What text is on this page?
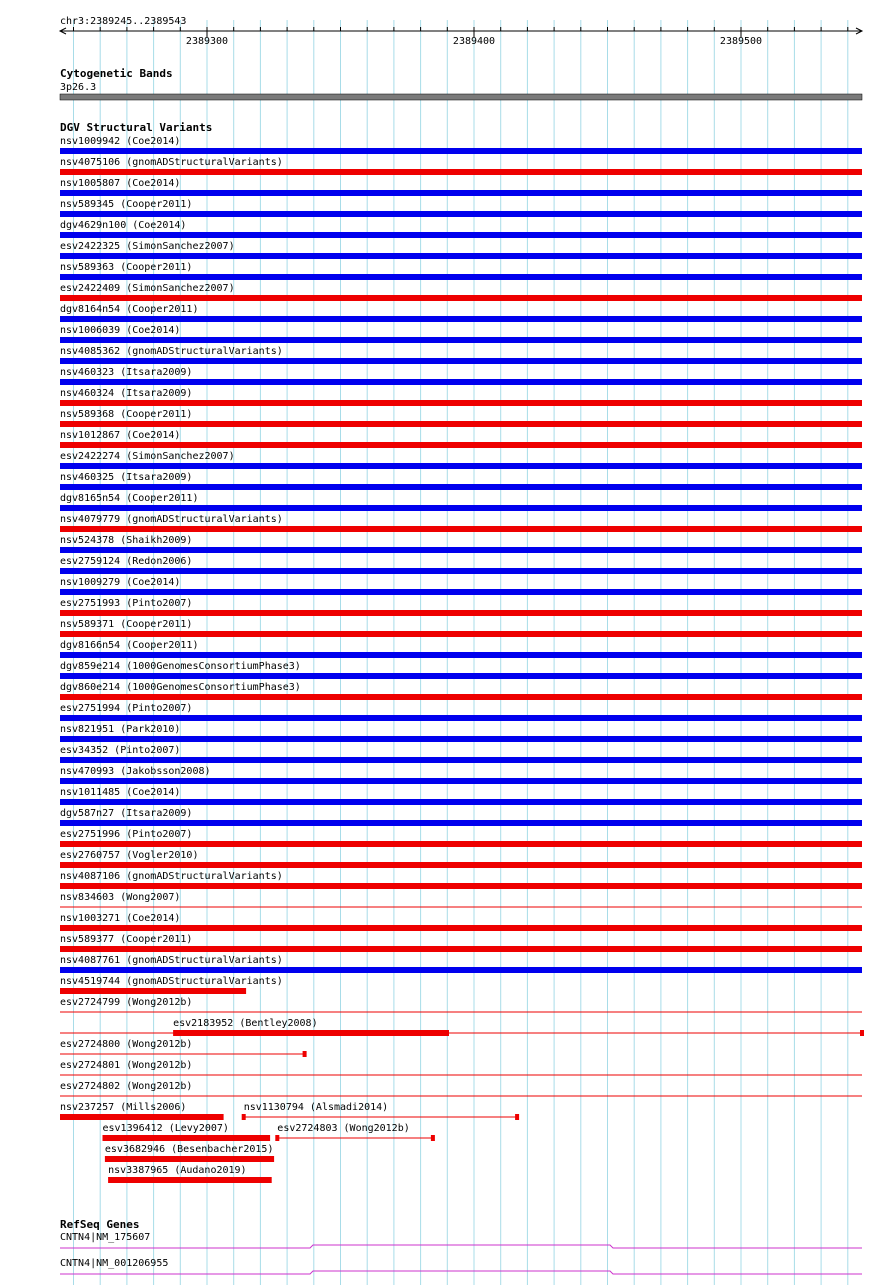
chr3:2389245..2389543
2389300	2389400	2389500
Cytogenetic Bands
3p26.3
DGV Structural Variants
nsv1009942 (Coe2014)
nsv4075106 (gnomADStructuralVariants)
nsv1005807 (Coe2014)
nsv589345 (Cooper2011)
dgv4629n100 (Coe2014)
esv2422325 (SimonSanchez2007)
nsv589363 (Cooper2011)
esv2422409 (SimonSanchez2007)
dgv8164n54 (Cooper2011)
nsv1006039 (Coe2014)
nsv4085362 (gnomADStructuralVariants)
nsv460323 (Itsara2009)
nsv460324 (Itsara2009)
nsv589368 (Cooper2011)
nsv1012867 (Coe2014)
esv2422274 (SimonSanchez2007)
nsv460325 (Itsara2009)
dgv8165n54 (Cooper2011)
nsv4079779 (gnomADStructuralVariants)
nsv524378 (Shaikh2009)
esv2759124 (Redon2006)
nsv1009279 (Coe2014)
esv2751993 (Pinto2007)
nsv589371 (Cooper2011)
dgv8166n54 (Cooper2011)
dgv859e214 (1000GenomesConsortiumPhase3)
dgv860e214 (1000GenomesConsortiumPhase3)
esv2751994 (Pinto2007)
nsv821951 (Park2010)
esv34352 (Pinto2007)
nsv470993 (Jakobsson2008)
nsv1011485 (Coe2014)
dgv587n27 (Itsara2009)
esv2751996 (Pinto2007)
esv2760757 (Vogler2010)
nsv4087106 (gnomADStructuralVariants)
nsv834603 (Wong2007)
nsv1003271 (Coe2014)
nsv589377 (Cooper2011)
nsv4087761 (gnomADStructuralVariants)
nsv4519744 (gnomADStructuralVariants)
esv2724799 (Wong2012b)
esv2183952 (Bentley2008)
esv2724800 (Wong2012b)
esv2724801 (Wong2012b)
esv2724802 (Wong2012b)
nsv237257 (Mills2006)	nsv1130794 (Alsmadi2014)
esv1396412 (Levy2007)	esv2724803 (Wong2012b)
esv3682946 (Besenbacher2015)
nsv3387965 (Audano2019)
RefSeq Genes
CNTN4|NM_175607
CNTN4|NM_001206955
